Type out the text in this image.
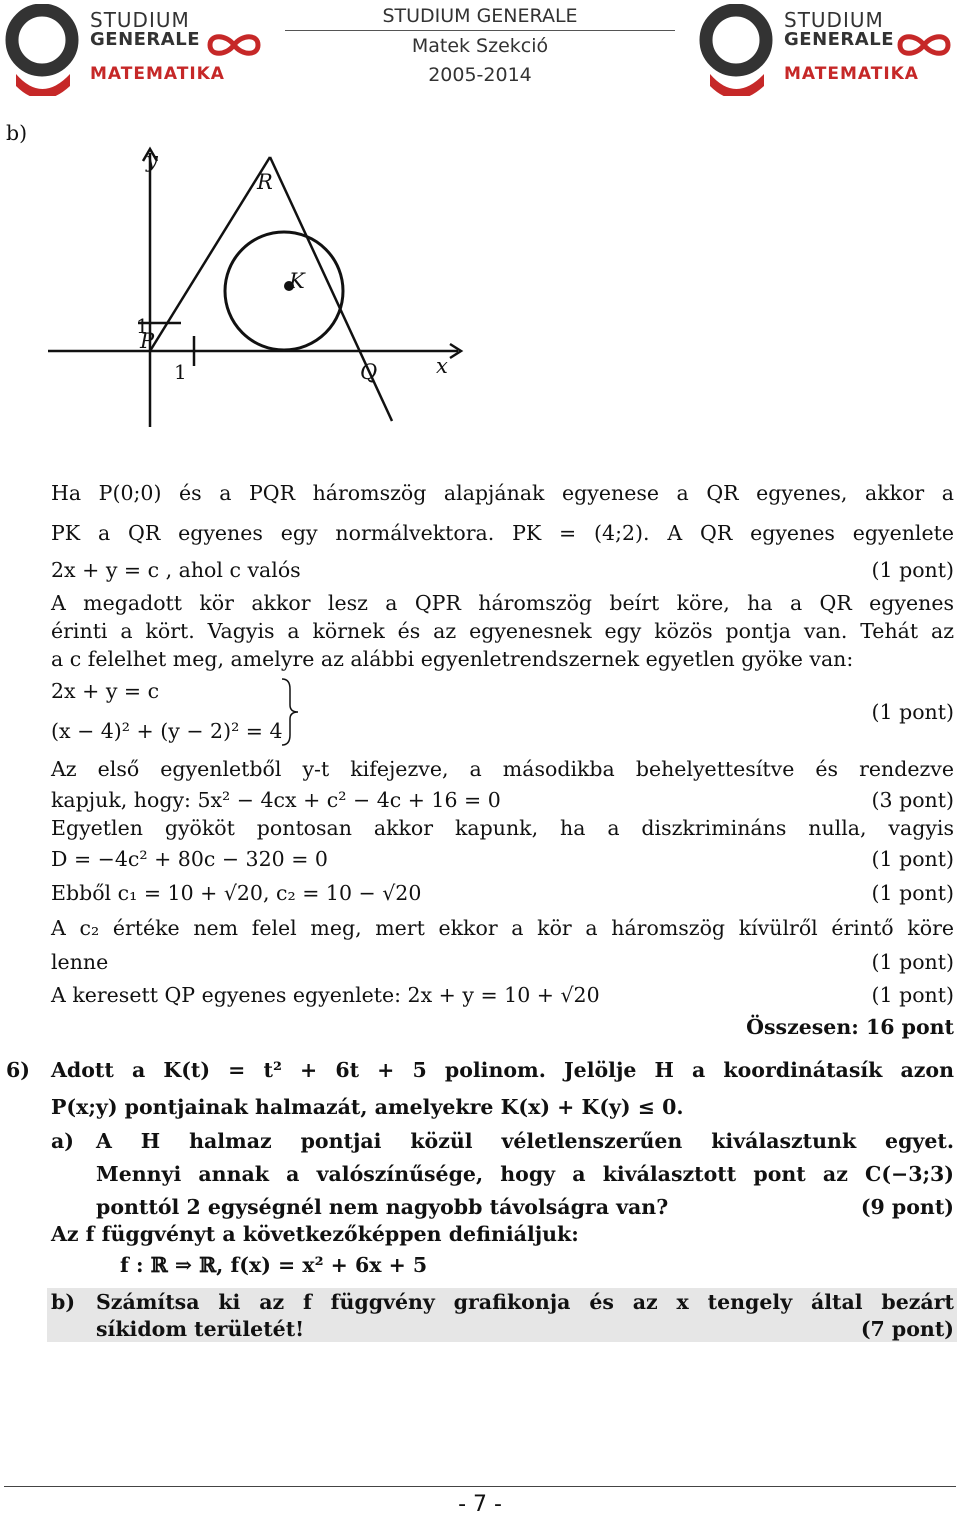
STUDIUM
GENERALE
MATEMATIKA
STUDIUM GENERALE
Matek Szekció
2005-2014
STUDIUM
GENERALE
MATEMATIKA
b)
y
R
K
P
Q	x
1
1
Ha P(0;0) és a PQR háromszög alapjának egyenese a QR egyenes, akkor a
PK a QR egyenes egy normálvektora. PK = (4;2). A QR egyenes egyenlete
2x + y = c , ahol c valós	(1 pont)
A megadott kör akkor lesz a QPR háromszög beírt köre, ha a QR egyenes
érinti a kört. Vagyis a körnek és az egyenesnek egy közös pontja van. Tehát az
a c felelhet meg, amelyre az alábbi egyenletrendszernek egyetlen gyöke van:
2x + y = c
(x − 4)² + (y − 2)² = 4
(1 pont)
Az első egyenletből y-t kifejezve, a másodikba behelyettesítve és rendezve
kapjuk, hogy: 5x² − 4cx + c² − 4c + 16 = 0	(3 pont)
Egyetlen gyököt pontosan akkor kapunk, ha a diszkrimináns nulla, vagyis
D = −4c² + 80c − 320 = 0	(1 pont)
Ebből c₁ = 10 + √20, c₂ = 10 − √20	(1 pont)
A c₂ értéke nem felel meg, mert ekkor a kör a háromszög kívülről érintő köre
lenne	(1 pont)
A keresett QP egyenes egyenlete: 2x + y = 10 + √20	(1 pont)
Összesen: 16 pont
6) Adott a K(t) = t² + 6t + 5 polinom. Jelölje H a koordinátasík azon
P(x;y) pontjainak halmazát, amelyekre K(x) + K(y) ≤ 0.
a) A H halmaz pontjai közül véletlenszerűen kiválasztunk egyet.
Mennyi annak a valószínűsége, hogy a kiválasztott pont az C(−3;3)
ponttól 2 egységnél nem nagyobb távolságra van?	(9 pont)
Az f függvényt a következőképpen definiáljuk:
f : ℝ ⇒ ℝ, f(x) = x² + 6x + 5
b) Számítsa ki az f függvény grafikonja és az x tengely által bezárt
síkidom területét!	(7 pont)
- 7 -
